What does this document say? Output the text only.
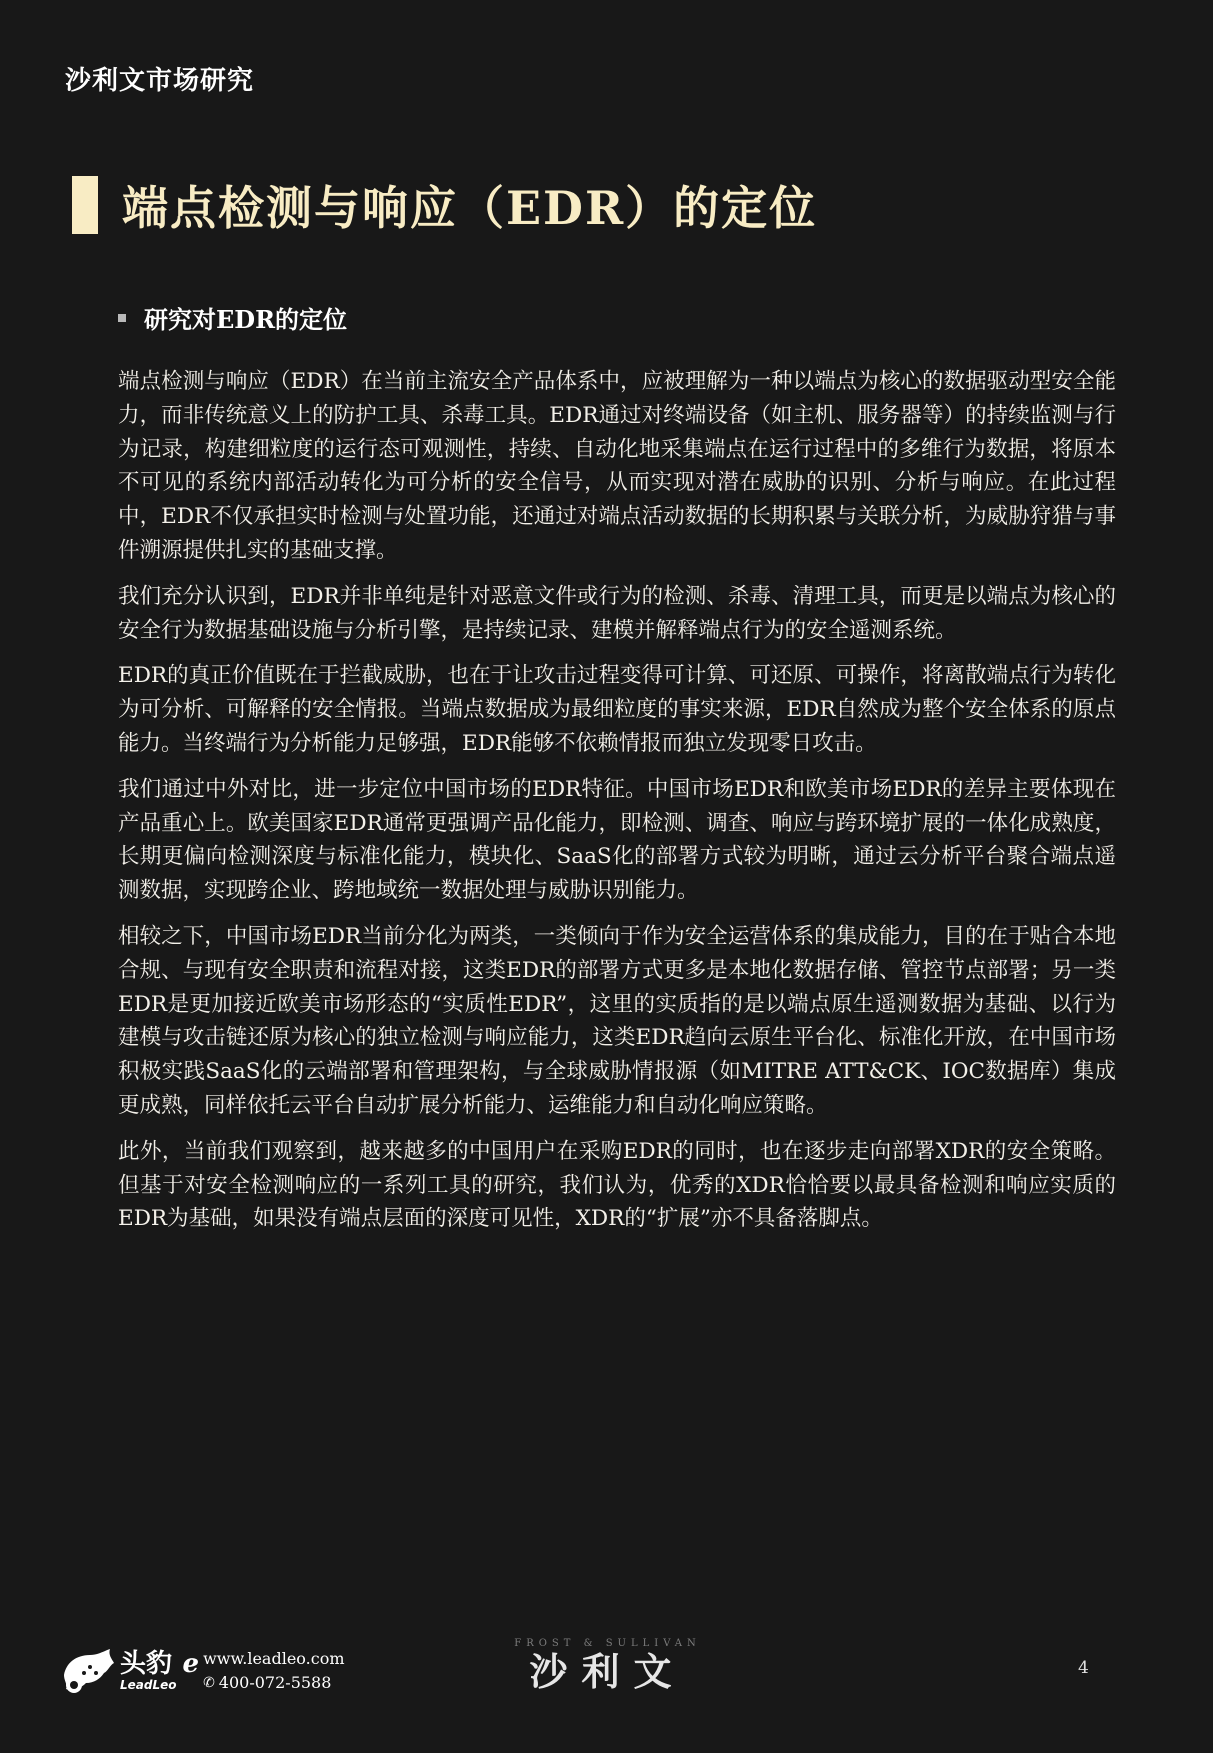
沙利文市场研究
端点检测与响应（EDR）的定位
研究对EDR的定位

端点检测与响应（EDR）在当前主流安全产品体系中，应被理解为一种以端点为核心的数据驱动型安全能力，而非传统意义上的防护工具、杀毒工具。EDR通过对终端设备（如主机、服务器等）的持续监测与行为记录，构建细粒度的运行态可观测性，持续、自动化地采集端点在运行过程中的多维行为数据，将原本不可见的系统内部活动转化为可分析的安全信号，从而实现对潜在威胁的识别、分析与响应。在此过程中，EDR不仅承担实时检测与处置功能，还通过对端点活动数据的长期积累与关联分析，为威胁狩猎与事件溯源提供扎实的基础支撑。

我们充分认识到，EDR并非单纯是针对恶意文件或行为的检测、杀毒、清理工具，而更是以端点为核心的安全行为数据基础设施与分析引擎，是持续记录、建模并解释端点行为的安全遥测系统。

EDR的真正价值既在于拦截威胁，也在于让攻击过程变得可计算、可还原、可操作，将离散端点行为转化为可分析、可解释的安全情报。当端点数据成为最细粒度的事实来源，EDR自然成为整个安全体系的原点能力。当终端行为分析能力足够强，EDR能够不依赖情报而独立发现零日攻击。

我们通过中外对比，进一步定位中国市场的EDR特征。中国市场EDR和欧美市场EDR的差异主要体现在产品重心上。欧美国家EDR通常更强调产品化能力，即检测、调查、响应与跨环境扩展的一体化成熟度，长期更偏向检测深度与标准化能力，模块化、SaaS化的部署方式较为明晰，通过云分析平台聚合端点遥测数据，实现跨企业、跨地域统一数据处理与威胁识别能力。

相较之下，中国市场EDR当前分化为两类，一类倾向于作为安全运营体系的集成能力，目的在于贴合本地合规、与现有安全职责和流程对接，这类EDR的部署方式更多是本地化数据存储、管控节点部署；另一类EDR是更加接近欧美市场形态的“实质性EDR”，这里的实质指的是以端点原生遥测数据为基础、以行为建模与攻击链还原为核心的独立检测与响应能力，这类EDR趋向云原生平台化、标准化开放，在中国市场积极实践SaaS化的云端部署和管理架构，与全球威胁情报源（如MITRE ATT&CK、IOC数据库）集成更成熟，同样依托云平台自动扩展分析能力、运维能力和自动化响应策略。

此外，当前我们观察到，越来越多的中国用户在采购EDR的同时，也在逐步走向部署XDR的安全策略。但基于对安全检测响应的一系列工具的研究，我们认为，优秀的XDR恰恰要以最具备检测和响应实质的EDR为基础，如果没有端点层面的深度可见性，XDR的“扩展”亦不具备落脚点。

头豹
LeadLeo
ℯ www.leadleo.com
✆ 400-072-5588
FROST & SULLIVAN
沙利文	4
